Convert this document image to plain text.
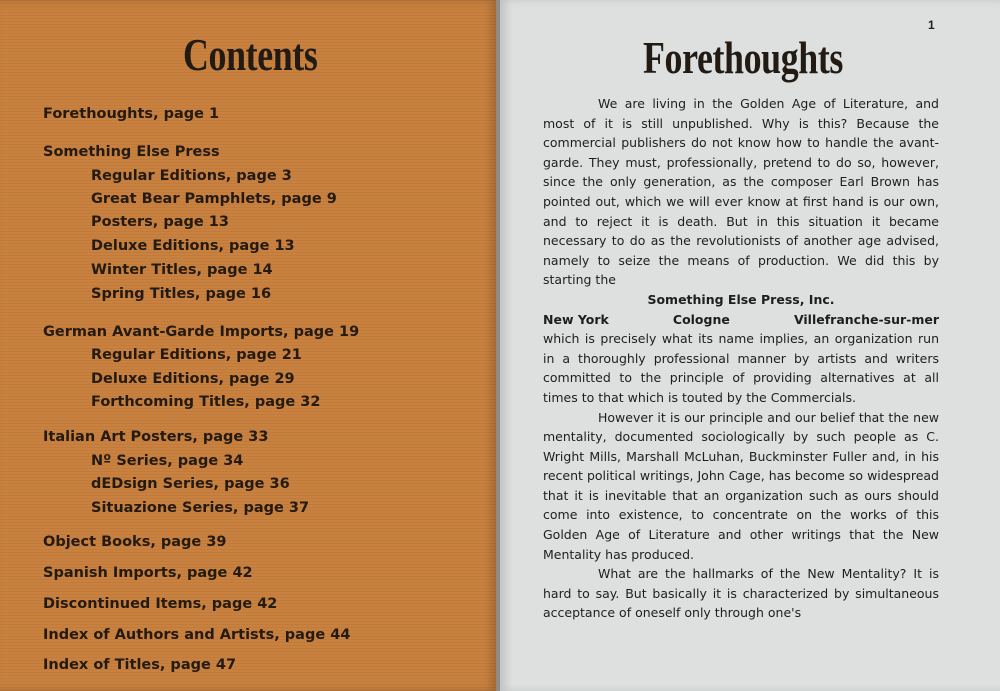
Contents
Forethoughts, page 1
Something Else Press
Regular Editions, page 3
Great Bear Pamphlets, page 9
Posters, page 13
Deluxe Editions, page 13
Winter Titles, page 14
Spring Titles, page 16
German Avant-Garde Imports, page 19
Regular Editions, page 21
Deluxe Editions, page 29
Forthcoming Titles, page 32
Italian Art Posters, page 33
Nº Series, page 34
dEDsign Series, page 36
Situazione Series, page 37
Object Books, page 39
Spanish Imports, page 42
Discontinued Items, page 42
Index of Authors and Artists, page 44
Index of Titles, page 47

1

Forethoughts

We are living in the Golden Age of Literature, and most of it is still unpublished. Why is this? Because the commercial publishers do not know how to handle the avant-garde. They must, professionally, pretend to do so, however, since the only generation, as the composer Earl Brown has pointed out, which we will ever know at first hand is our own, and to reject it is death. But in this situation it became necessary to do as the revolutionists of another age advised, namely to seize the means of production. We did this by starting the

Something Else Press, Inc.

New York	Cologne	Villefranche-sur-mer

which is precisely what its name implies, an organization run in a thoroughly professional manner by artists and writers committed to the principle of providing alternatives at all times to that which is touted by the Commercials.

However it is our principle and our belief that the new mentality, documented sociologically by such people as C. Wright Mills, Marshall McLuhan, Buckminster Fuller and, in his recent political writings, John Cage, has become so widespread that it is inevitable that an organization such as ours should come into existence, to concentrate on the works of this Golden Age of Literature and other writings that the New Mentality has produced.

What are the hallmarks of the New Mentality? It is hard to say. But basically it is characterized by simultaneous acceptance of oneself only through one's
